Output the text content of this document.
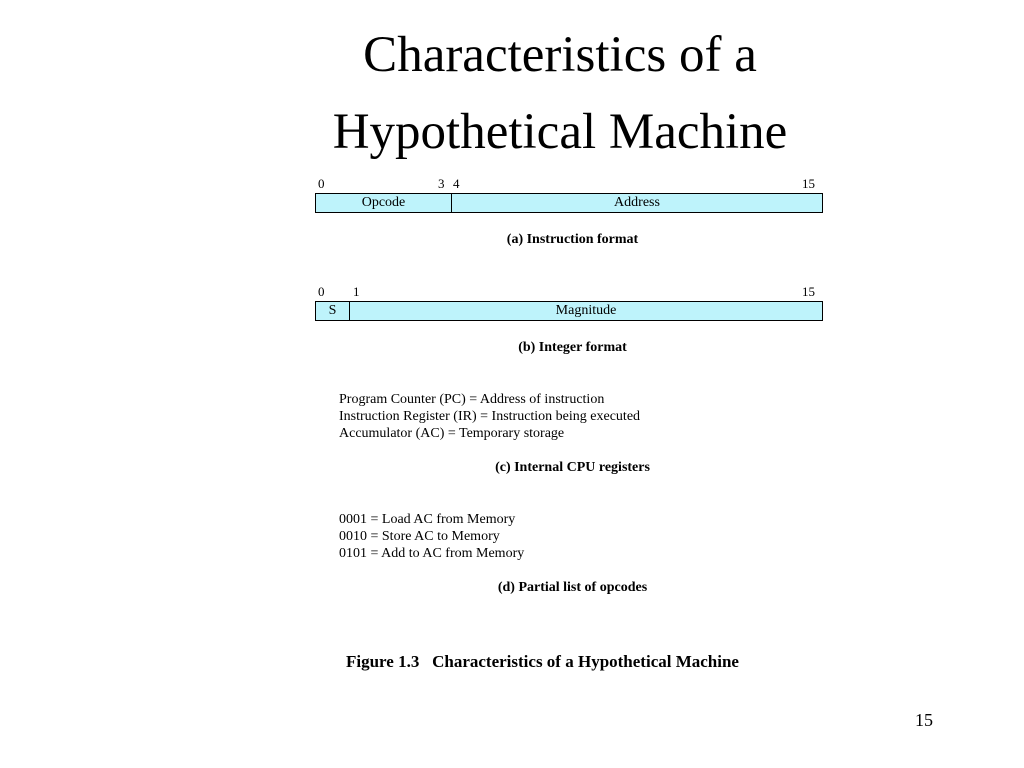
Characteristics of a
Hypothetical Machine
0	3 4	15
Opcode	Address
(a) Instruction format
0 1	15
S	Magnitude
(b) Integer format
Program Counter (PC) = Address of instruction
Instruction Register (IR) = Instruction being executed
Accumulator (AC) = Temporary storage
(c) Internal CPU registers
0001 = Load AC from Memory
0010 = Store AC to Memory
0101 = Add to AC from Memory
(d) Partial list of opcodes
Figure 1.3   Characteristics of a Hypothetical Machine
15
